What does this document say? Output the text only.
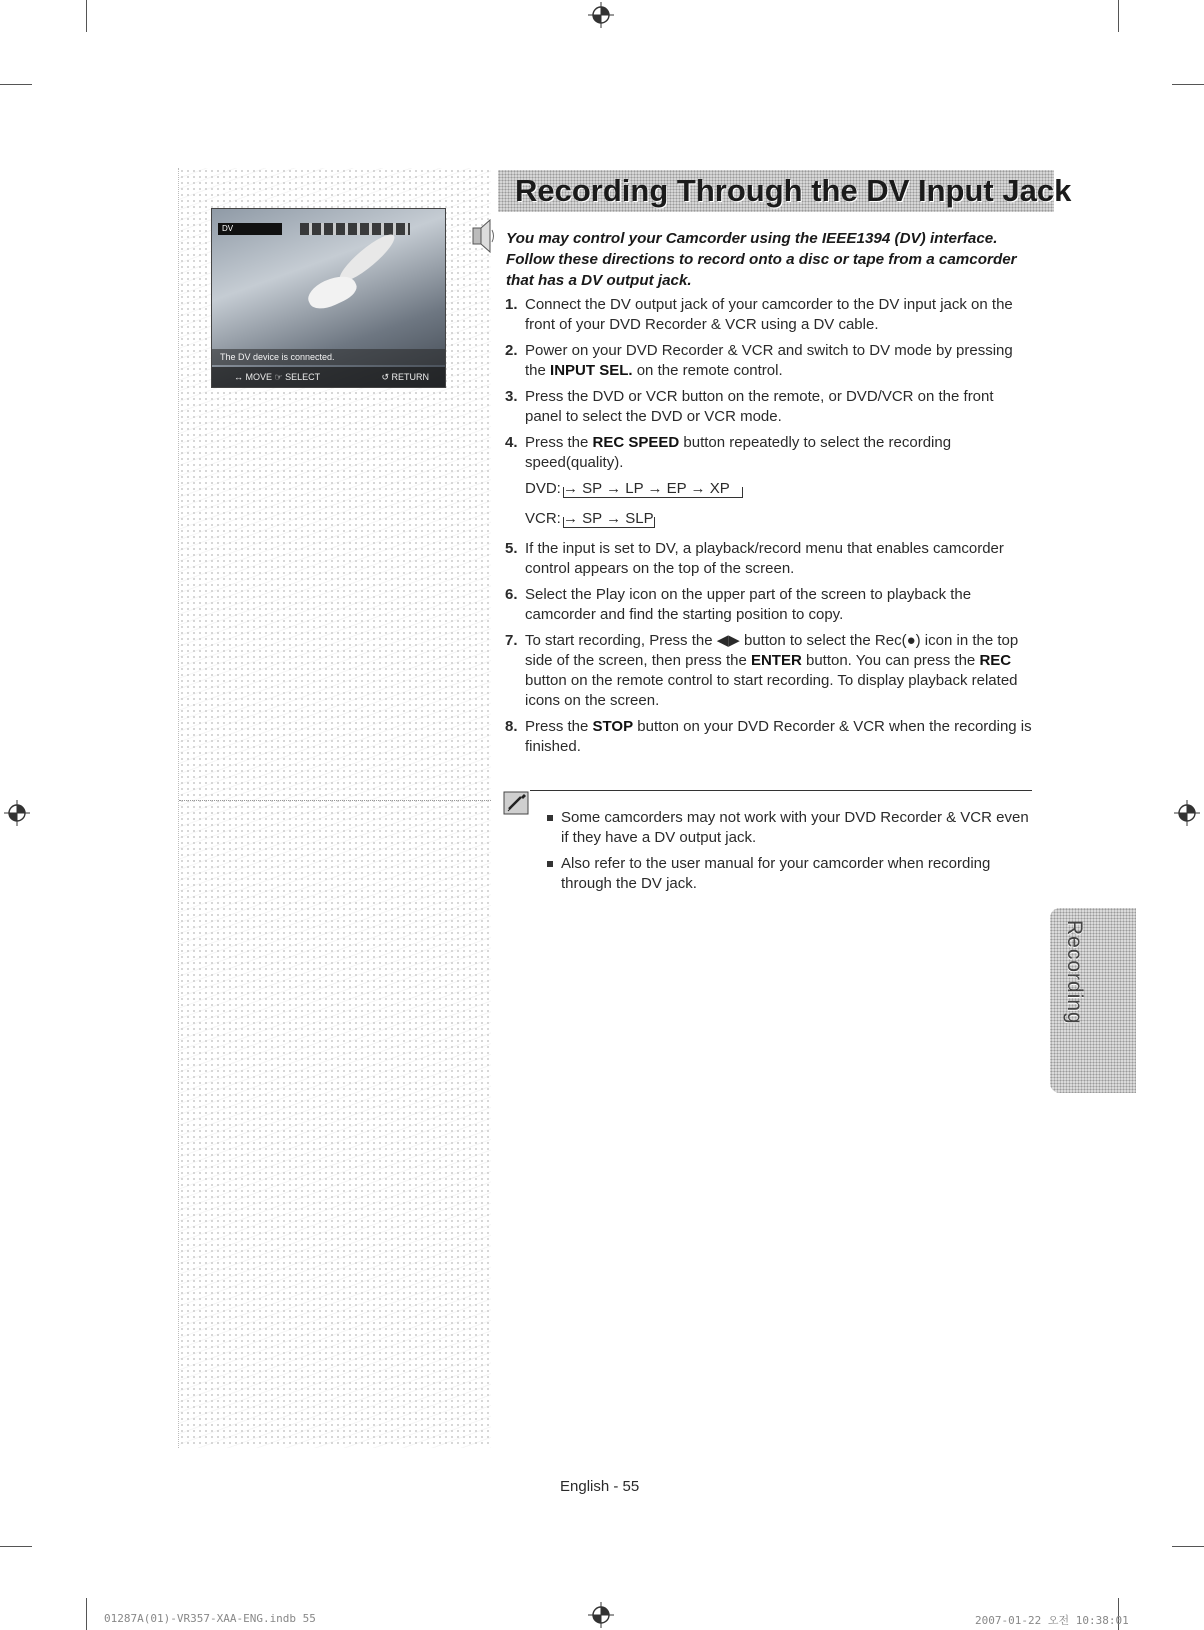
DV
The DV device is connected.
↔ MOVE ☞ SELECT	↺ RETURN
Recording Through the DV Input Jack
You may control your Camcorder using the IEEE1394 (DV) interface. Follow these directions to record onto a disc or tape from a camcorder that has a DV output jack.
1. Connect the DV output jack of your camcorder to the DV input jack on the front of your DVD Recorder & VCR using a DV cable.
2. Power on your DVD Recorder & VCR and switch to DV mode by pressing the INPUT SEL. on the remote control.
3. Press the DVD or VCR button on the remote, or DVD/VCR on the front panel to select the DVD or VCR mode.
4. Press the REC SPEED button repeatedly to select the recording speed(quality).
DVD: → SP → LP → EP → XP
VCR: → SP → SLP
5. If the input is set to DV, a playback/record menu that enables camcorder control appears on the top of the screen.
6. Select the Play icon on the upper part of the screen to playback the camcorder and find the starting position to copy.
7. To start recording, Press the ◀▶ button to select the Rec(●) icon in the top side of the screen, then press the ENTER button. You can press the REC button on the remote control to start recording. To display playback related icons on the screen.
8. Press the STOP button on your DVD Recorder & VCR when the recording is finished.
Some camcorders may not work with your DVD Recorder & VCR even if they have a DV output jack.
Also refer to the user manual for your camcorder when recording through the DV jack.
Recording
English - 55
01287A(01)-VR357-XAA-ENG.indb 55	2007-01-22 오전 10:38:01
